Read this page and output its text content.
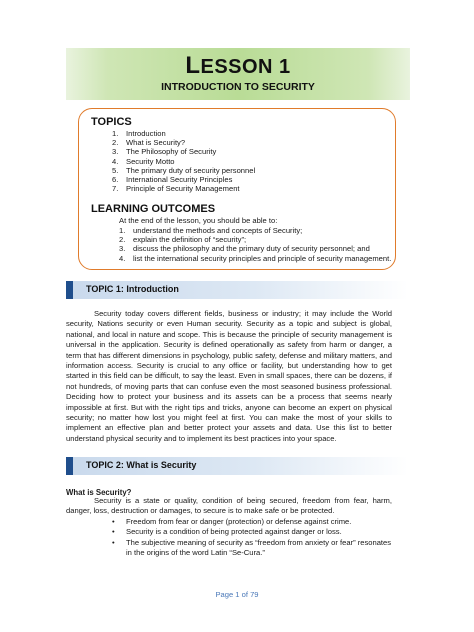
LESSON 1
INTRODUCTION TO SECURITY
TOPICS
1. Introduction
2. What is Security?
3. The Philosophy of Security
4. Security Motto
5. The primary duty of security personnel
6. International Security Principles
7. Principle of Security Management
LEARNING OUTCOMES
At the end of the lesson, you should be able to:
1. understand the methods and concepts of Security;
2. explain the definition of “security”;
3. discuss the philosophy and the primary duty of security personnel; and
4. list the international security principles and principle of security management.
TOPIC 1: Introduction

Security today covers different fields, business or industry; it may include the World security, Nations security or even Human security. Security as a topic and subject is global, national, and local in nature and scope. This is because the principle of security management is universal in the application. Security is defined operationally as safety from harm or danger, a term that has different dimensions in psychology, public safety, defense and military matters, and information access. Security is crucial to any office or facility, but understanding how to get started in this field can be difficult, to say the least. Even in small spaces, there can be dozens, if not hundreds, of moving parts that can confuse even the most seasoned business professional. Deciding how to protect your business and its assets can be a process that seems nearly impossible at first. But with the right tips and tricks, anyone can become an expert on physical security; no matter how lost you might feel at first. You can make the most of your skills to implement an effective plan and better protect your assets and data. Use this list to better understand physical security and to implement its best practices into your space.

TOPIC 2: What is Security
What is Security?

Security is a state or quality, condition of being secured, freedom from fear, harm, danger, loss, destruction or damages, to secure is to make safe or be protected.

• Freedom from fear or danger (protection) or defense against crime.
• Security is a condition of being protected against danger or loss.
• The subjective meaning of security as “freedom from anxiety or fear” resonates in the origins of the word Latin “Se-Cura.”
Page 1 of 79
